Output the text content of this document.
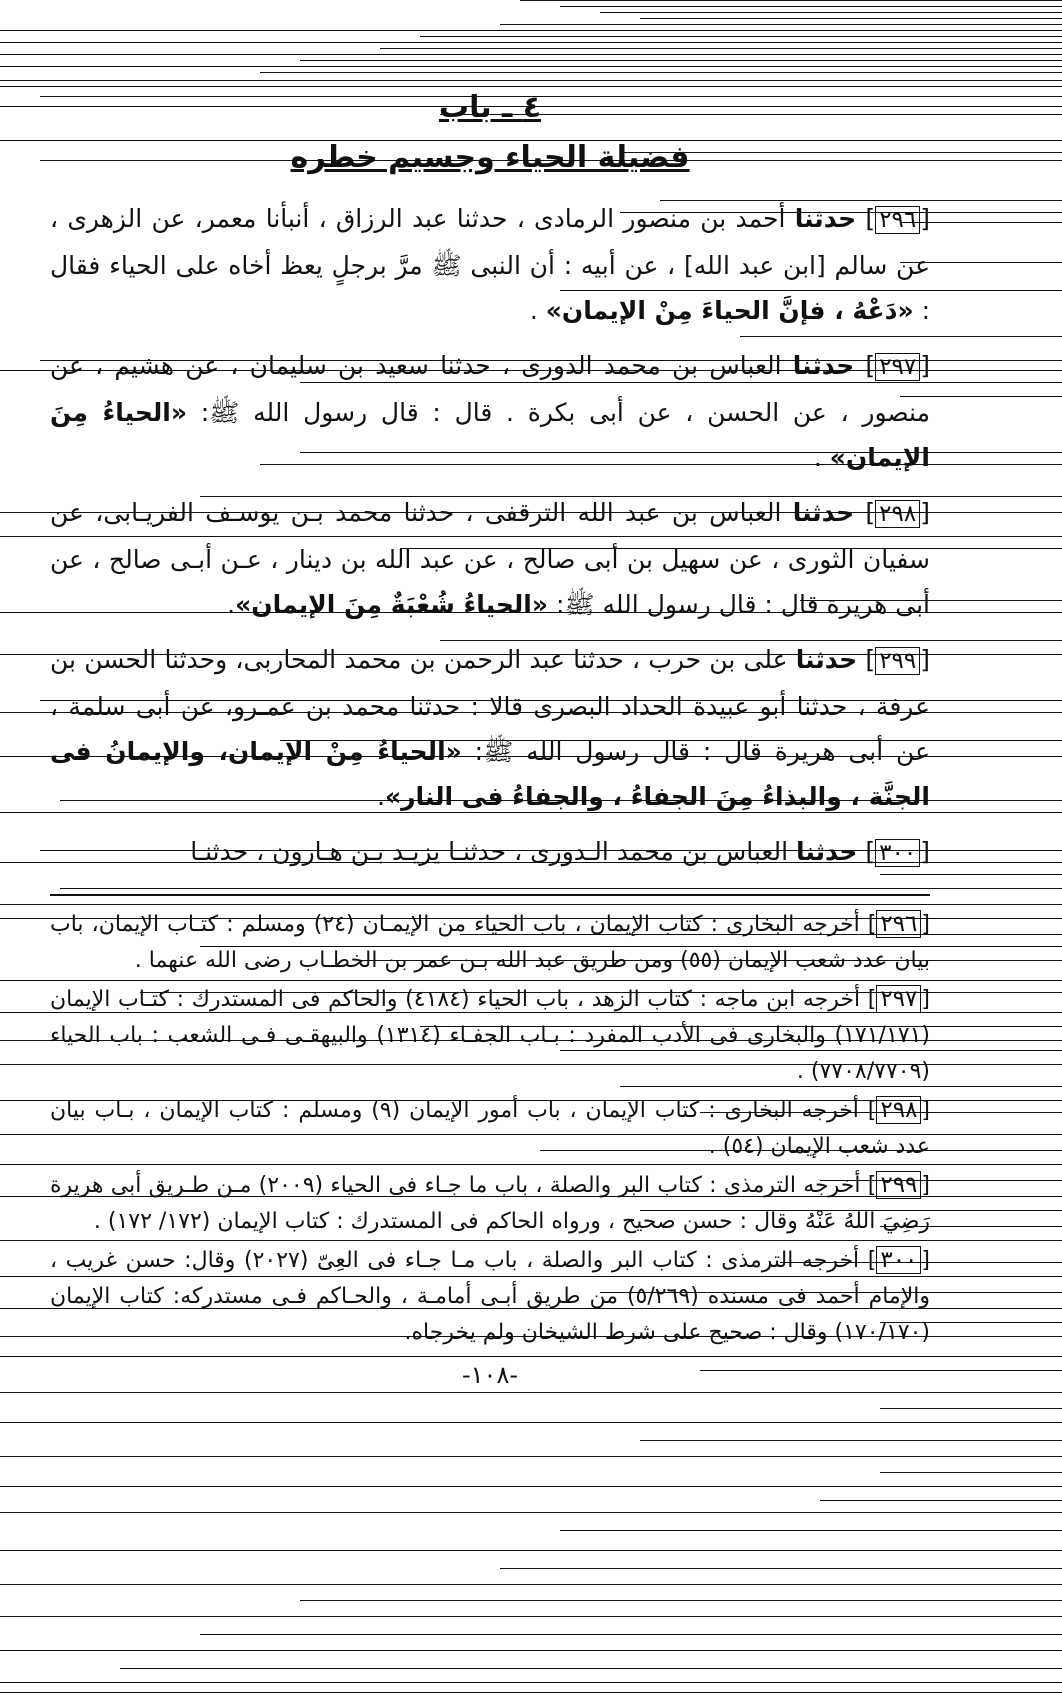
٤ ـ باب
فضيلة الحياء وجسيم خطره

[٢٩٦] حدثنا أحمد بن منصور الرمادى ، حدثنا عبد الرزاق ، أنبأنا معمر، عن الزهرى ، عن سالم [ابن عبد الله] ، عن أبيه : أن النبى ﷺ مرَّ برجلٍ يعظ أخاه على الحياء فقال : «دَعْهُ ، فإنَّ الحياءَ مِنْ الإيمان» .

[٢٩٧] حدثنا العباس بن محمد الدورى ، حدثنا سعيد بن سليمان ، عن هشيم ، عن منصور ، عن الحسن ، عن أبى بكرة . قال : قال رسول الله ﷺ: «الحياءُ مِنَ الإيمان» .

[٢٩٨] حدثنا العباس بن عبد الله الترقفى ، حدثنا محمد بـن يوسـف الفريـابى، عن سفيان الثورى ، عن سهيل بن أبى صالح ، عن عبد الله بن دينار ، عـن أبـى صالح ، عن أبى هريرة قال : قال رسول الله ﷺ: «الحياءُ شُعْبَةٌ مِنَ الإيمان».

[٢٩٩] حدثنا على بن حرب ، حدثنا عبد الرحمن بن محمد المحاربى، وحدثنا الحسن بن عرفة ، حدثنا أبو عبيدة الحداد البصرى قالا : حدثنا محمد بن عمـرو، عن أبى سلمة ، عن أبى هريرة قال : قال رسول الله ﷺ: «الحياءُ مِنْ الإيمان، والإيمانُ فى الجنَّة ، والبذاءُ مِنَ الجفاءُ ، والجفاءُ فى النار».

[٣٠٠] حدثنا العباس بن محمد الـدورى ، حدثنـا يزيـد بـن هـارون ، حدثنـا

[٢٩٦] أخرجه البخارى : كتاب الإيمان ، باب الحياء من الإيمـان (٢٤) ومسلم : كتـاب الإيمان، باب بيان عدد شعب الإيمان (٥٥) ومن طريق عبد الله بـن عمر بن الخطـاب رضى الله عنهما .

[٢٩٧] أخرجه ابن ماجه : كتاب الزهد ، باب الحياء (٤١٨٤) والحاكم فى المستدرك : كتـاب الإيمان (١٧١/١٧١) والبخارى فى الأدب المفرد : بـاب الجفـاء (١٣١٤) والبيهقـى فـى الشعب : باب الحياء (٧٧٠٨/٧٧٠٩) .

[٢٩٨] أخرجه البخارى : كتاب الإيمان ، باب أمور الإيمان (٩) ومسلم : كتاب الإيمان ، بـاب بيان عدد شعب الإيمان (٥٤) .

[٢٩٩] أخرجه الترمذى : كتاب البر والصلة ، باب ما جـاء فى الحياء (٢٠٠٩) مـن طـريق أبى هريرة رَضِيَ اللهُ عَنْهُ وقال : حسن صحيح ، ورواه الحاكم فى المستدرك : كتاب الإيمان (١٧٢/ ١٧٢) .

[٣٠٠] أخرجه الترمذى : كتاب البر والصلة ، باب مـا جـاء فى العِىّ (٢٠٢٧) وقال: حسن غريب ، والإمام أحمد فى مسنده (٥/٢٦٩) من طريق أبـى أمامـة ، والحـاكم فـى مستدركه: كتاب الإيمان (١٧٠/١٧٠) وقال : صحيح على شرط الشيخان ولم يخرجاه.

-١٠٨-
